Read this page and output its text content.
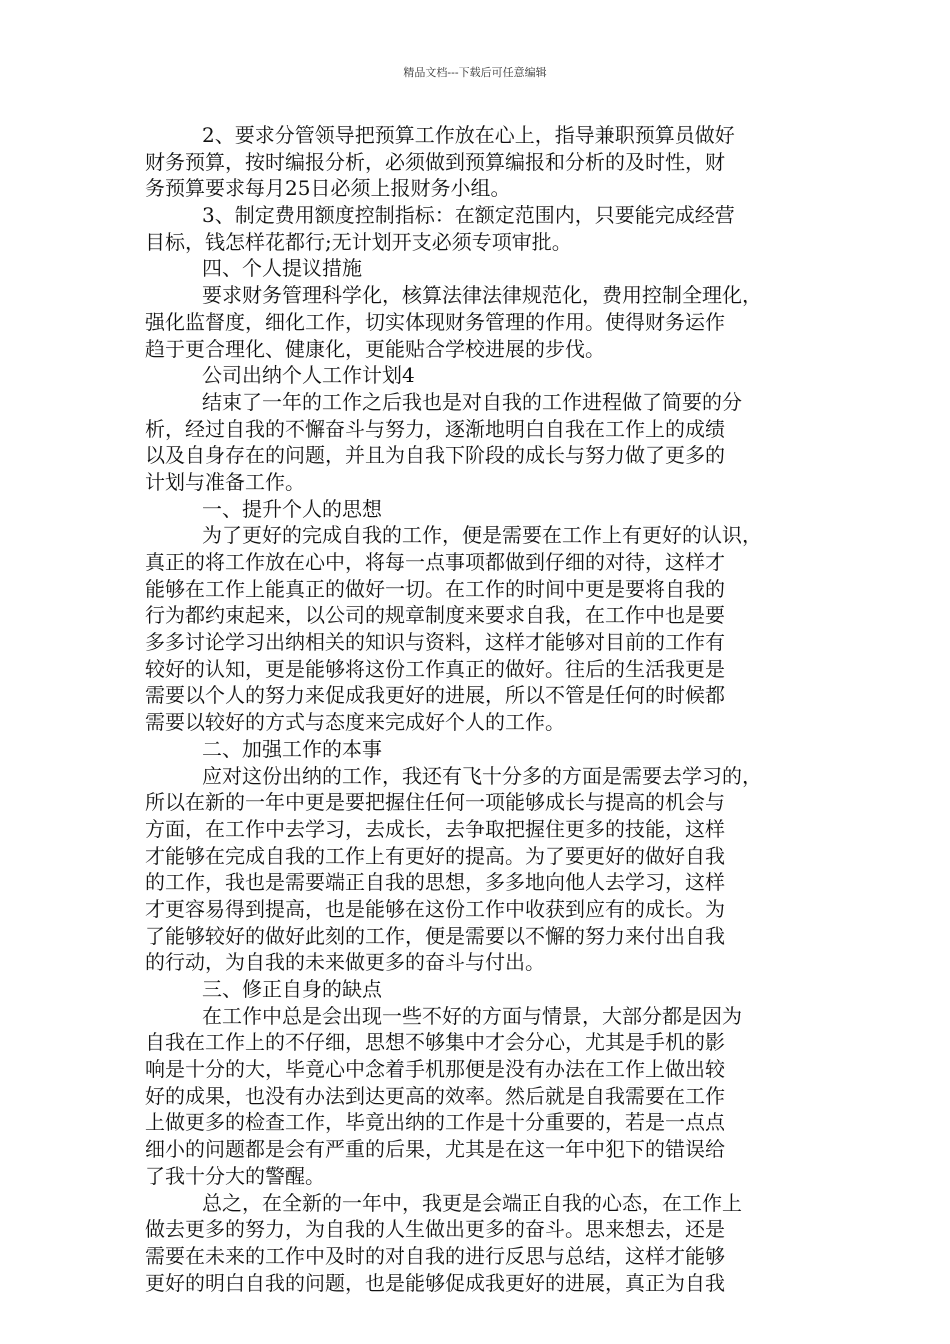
精品文档---下载后可任意编辑
2、要求分管领导把预算工作放在心上，指导兼职预算员做好
财务预算，按时编报分析，必须做到预算编报和分析的及时性，财
务预算要求每月25日必须上报财务小组。
3、制定费用额度控制指标：在额定范围内，只要能完成经营
目标，钱怎样花都行;无计划开支必须专项审批。
四、个人提议措施
要求财务管理科学化，核算法律法律规范化，费用控制全理化，
强化监督度，细化工作，切实体现财务管理的作用。使得财务运作
趋于更合理化、健康化，更能贴合学校进展的步伐。
公司出纳个人工作计划4
结束了一年的工作之后我也是对自我的工作进程做了简要的分
析，经过自我的不懈奋斗与努力，逐渐地明白自我在工作上的成绩
以及自身存在的问题，并且为自我下阶段的成长与努力做了更多的
计划与准备工作。
一、提升个人的思想
为了更好的完成自我的工作，便是需要在工作上有更好的认识，
真正的将工作放在心中，将每一点事项都做到仔细的对待，这样才
能够在工作上能真正的做好一切。在工作的时间中更是要将自我的
行为都约束起来，以公司的规章制度来要求自我，在工作中也是要
多多讨论学习出纳相关的知识与资料，这样才能够对目前的工作有
较好的认知，更是能够将这份工作真正的做好。往后的生活我更是
需要以个人的努力来促成我更好的进展，所以不管是任何的时候都
需要以较好的方式与态度来完成好个人的工作。
二、加强工作的本事
应对这份出纳的工作，我还有飞十分多的方面是需要去学习的，
所以在新的一年中更是要把握住任何一项能够成长与提高的机会与
方面，在工作中去学习，去成长，去争取把握住更多的技能，这样
才能够在完成自我的工作上有更好的提高。为了要更好的做好自我
的工作，我也是需要端正自我的思想，多多地向他人去学习，这样
才更容易得到提高，也是能够在这份工作中收获到应有的成长。为
了能够较好的做好此刻的工作，便是需要以不懈的努力来付出自我
的行动，为自我的未来做更多的奋斗与付出。
三、修正自身的缺点
在工作中总是会出现一些不好的方面与情景，大部分都是因为
自我在工作上的不仔细，思想不够集中才会分心，尤其是手机的影
响是十分的大，毕竟心中念着手机那便是没有办法在工作上做出较
好的成果，也没有办法到达更高的效率。然后就是自我需要在工作
上做更多的检查工作，毕竟出纳的工作是十分重要的，若是一点点
细小的问题都是会有严重的后果，尤其是在这一年中犯下的错误给
了我十分大的警醒。
总之，在全新的一年中，我更是会端正自我的心态，在工作上
做去更多的努力，为自我的人生做出更多的奋斗。思来想去，还是
需要在未来的工作中及时的对自我的进行反思与总结，这样才能够
更好的明白自我的问题，也是能够促成我更好的进展，真正为自我
